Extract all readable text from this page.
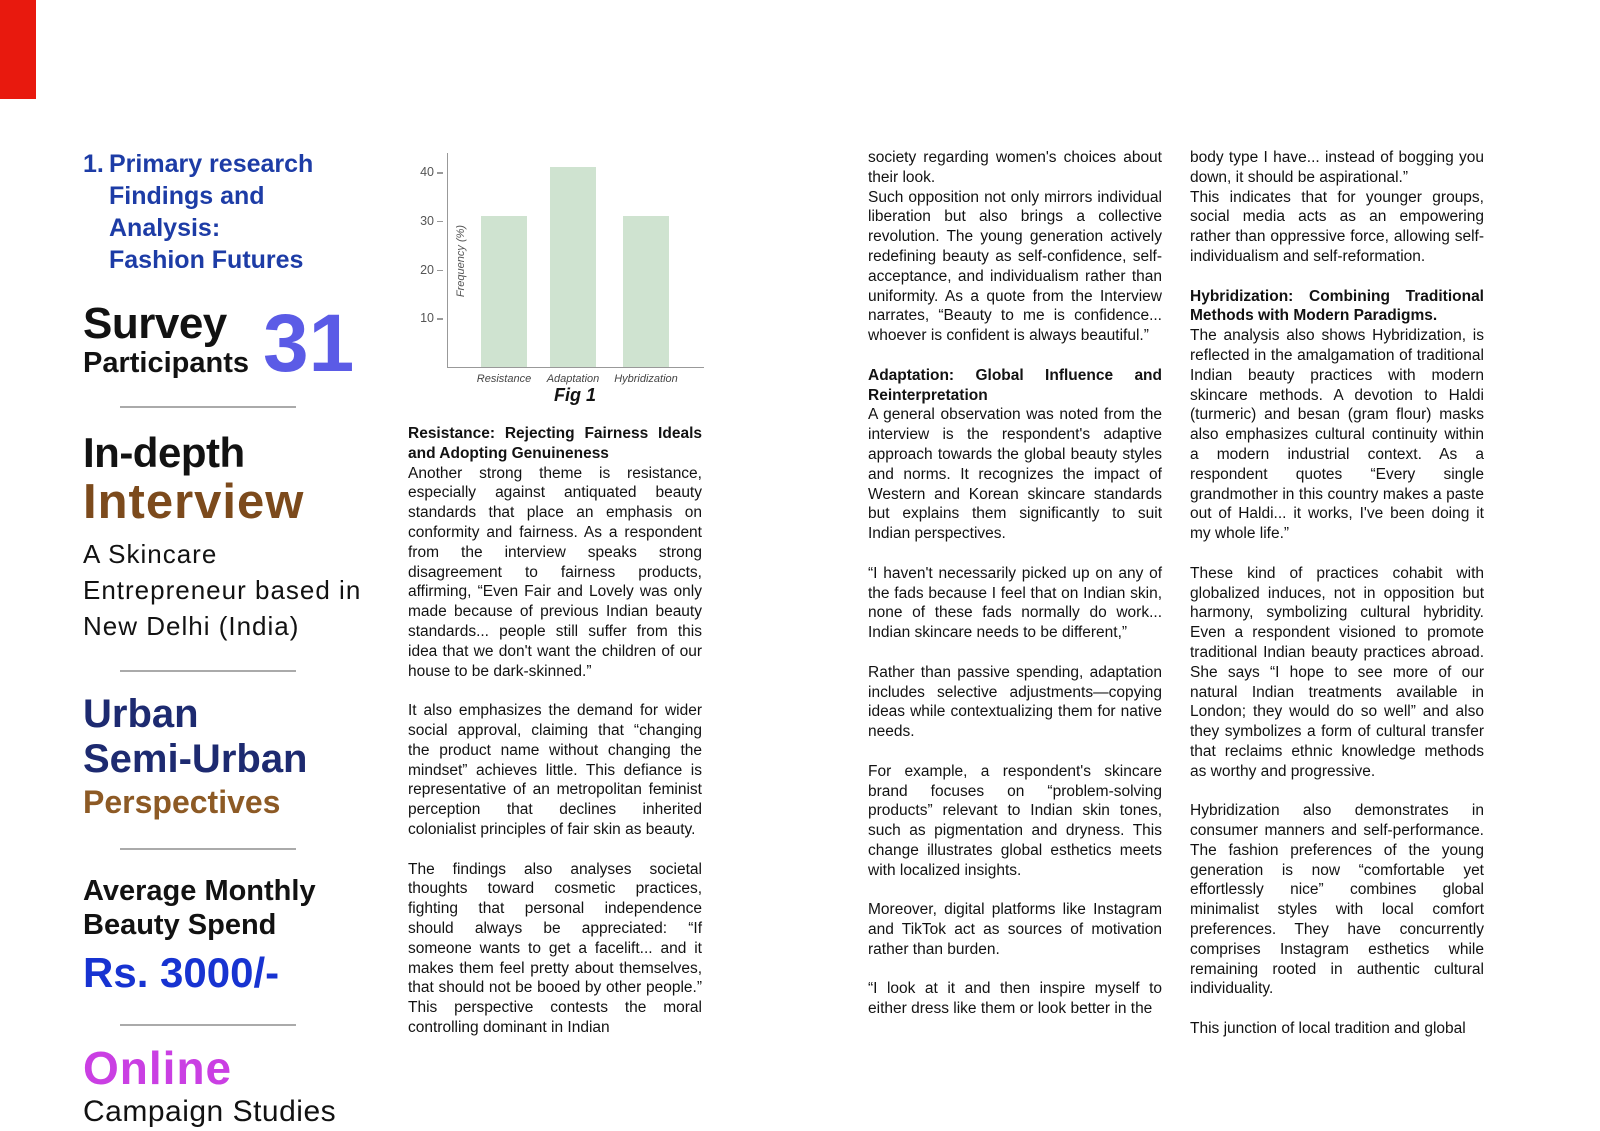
1. Primary research
Findings and Analysis:
Fashion Futures
Survey
Participants 31
In-depth
Interview
A Skincare Entrepreneur based in New Delhi (India)
Urban
Semi-Urban
Perspectives
Average Monthly Beauty Spend
Rs. 3000/-
Online
Campaign Studies
Frequency (%)
10
20
30
40
Resistance	Adaptation	Hybridization
Fig 1

Resistance: Rejecting Fairness Ideals and Adopting Genuineness

Another strong theme is resistance, especially against antiquated beauty standards that place an emphasis on conformity and fairness. As a respondent from the interview speaks strong disagreement to fairness products, affirming, “Even Fair and Lovely was only made because of previous Indian beauty standards... people still suffer from this idea that we don't want the children of our house to be dark-skinned.”

It also emphasizes the demand for wider social approval, claiming that “changing the product name without changing the mindset” achieves little. This defiance is representative of an metropolitan feminist perception that declines inherited colonialist principles of fair skin as beauty.

The findings also analyses societal thoughts toward cosmetic practices, fighting that personal independence should always be appreciated: “If someone wants to get a facelift... and it makes them feel pretty about themselves, that should not be booed by other people.” This perspective contests the moral controlling dominant in Indian

society regarding women's choices about their look.

Such opposition not only mirrors individual liberation but also brings a collective revolution. The young generation actively redefining beauty as self-confidence, self-acceptance, and individualism rather than uniformity. As a quote from the Interview narrates, “Beauty to me is confidence... whoever is confident is always beautiful.”

Adaptation: Global Influence and Reinterpretation

A general observation was noted from the interview is the respondent's adaptive approach towards the global beauty styles and norms. It recognizes the impact of Western and Korean skincare standards but explains them significantly to suit Indian perspectives.

“I haven't necessarily picked up on any of the fads because I feel that on Indian skin, none of these fads normally do work... Indian skincare needs to be different,”

Rather than passive spending, adaptation includes selective adjustments—copying ideas while contextualizing them for native needs.

For example, a respondent's skincare brand focuses on “problem-solving products” relevant to Indian skin tones, such as pigmentation and dryness. This change illustrates global esthetics meets with localized insights.

Moreover, digital platforms like Instagram and TikTok act as sources of motivation rather than burden.

“I look at it and then inspire myself to either dress like them or look better in the

body type I have... instead of bogging you down, it should be aspirational.”

This indicates that for younger groups, social media acts as an empowering rather than oppressive force, allowing self-individualism and self-reformation.

Hybridization: Combining Traditional Methods with Modern Paradigms.

The analysis also shows Hybridization, is reflected in the amalgamation of traditional Indian beauty practices with modern skincare methods. A devotion to Haldi (turmeric) and besan (gram flour) masks also emphasizes cultural continuity within a modern industrial context. As a respondent quotes “Every single grandmother in this country makes a paste out of Haldi... it works, I've been doing it my whole life.”

These kind of practices cohabit with globalized induces, not in opposition but harmony, symbolizing cultural hybridity. Even a respondent visioned to promote traditional Indian beauty practices abroad. She says “I hope to see more of our natural Indian treatments available in London; they would do so well” and also they symbolizes a form of cultural transfer that reclaims ethnic knowledge methods as worthy and progressive.

Hybridization also demonstrates in consumer manners and self-performance. The fashion preferences of the young generation is now “comfortable yet effortlessly nice” combines global minimalist styles with local comfort preferences. They have concurrently comprises Instagram esthetics while remaining rooted in authentic cultural individuality.

This junction of local tradition and global
